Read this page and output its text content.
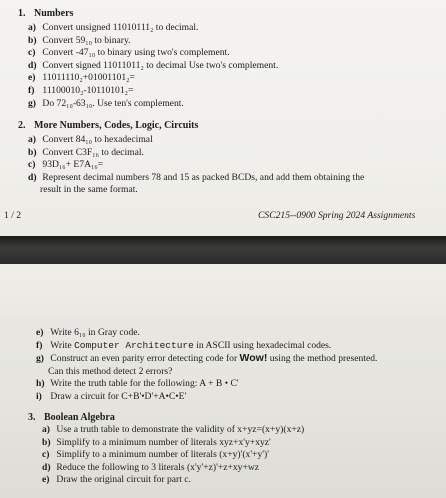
1. Numbers
a) Convert unsigned 11010111₂ to decimal.
b) Convert 59₁₀ to binary.
c) Convert -47₁₀ to binary using two's complement.
d) Convert signed 11011011₂ to decimal Use two's complement.
e) 11011110₂+01001101₂=
f) 11100010₂-10110101₂=
g) Do 72₁₀-63₁₀. Use ten's complement.
2. More Numbers, Codes, Logic, Circuits
a) Convert 84₁₀ to hexadecimal
b) Convert C3F₁₆ to decimal.
c) 93D₁₆+ E7A₁₆=
d) Represent decimal numbers 78 and 15 as packed BCDs, and add them obtaining the
result in the same format.
1 / 2	CSC215--0900 Spring 2024 Assignments
e) Write 6₁₀ in Gray code.
f) Write Computer Architecture in ASCII using hexadecimal codes.
g) Construct an even parity error detecting code for Wow! using the method presented.
Can this method detect 2 errors?
h) Write the truth table for the following: A + B • C'
i) Draw a circuit for C+B'•D'+A•C•E'
3. Boolean Algebra
a) Use a truth table to demonstrate the validity of x+yz=(x+y)(x+z)
b) Simplify to a minimum number of literals xyz+x'y+xyz'
c) Simplify to a minimum number of literals (x+y)'(x'+y')'
d) Reduce the following to 3 literals (x'y'+z)'+z+xy+wz
e) Draw the original circuit for part c.
